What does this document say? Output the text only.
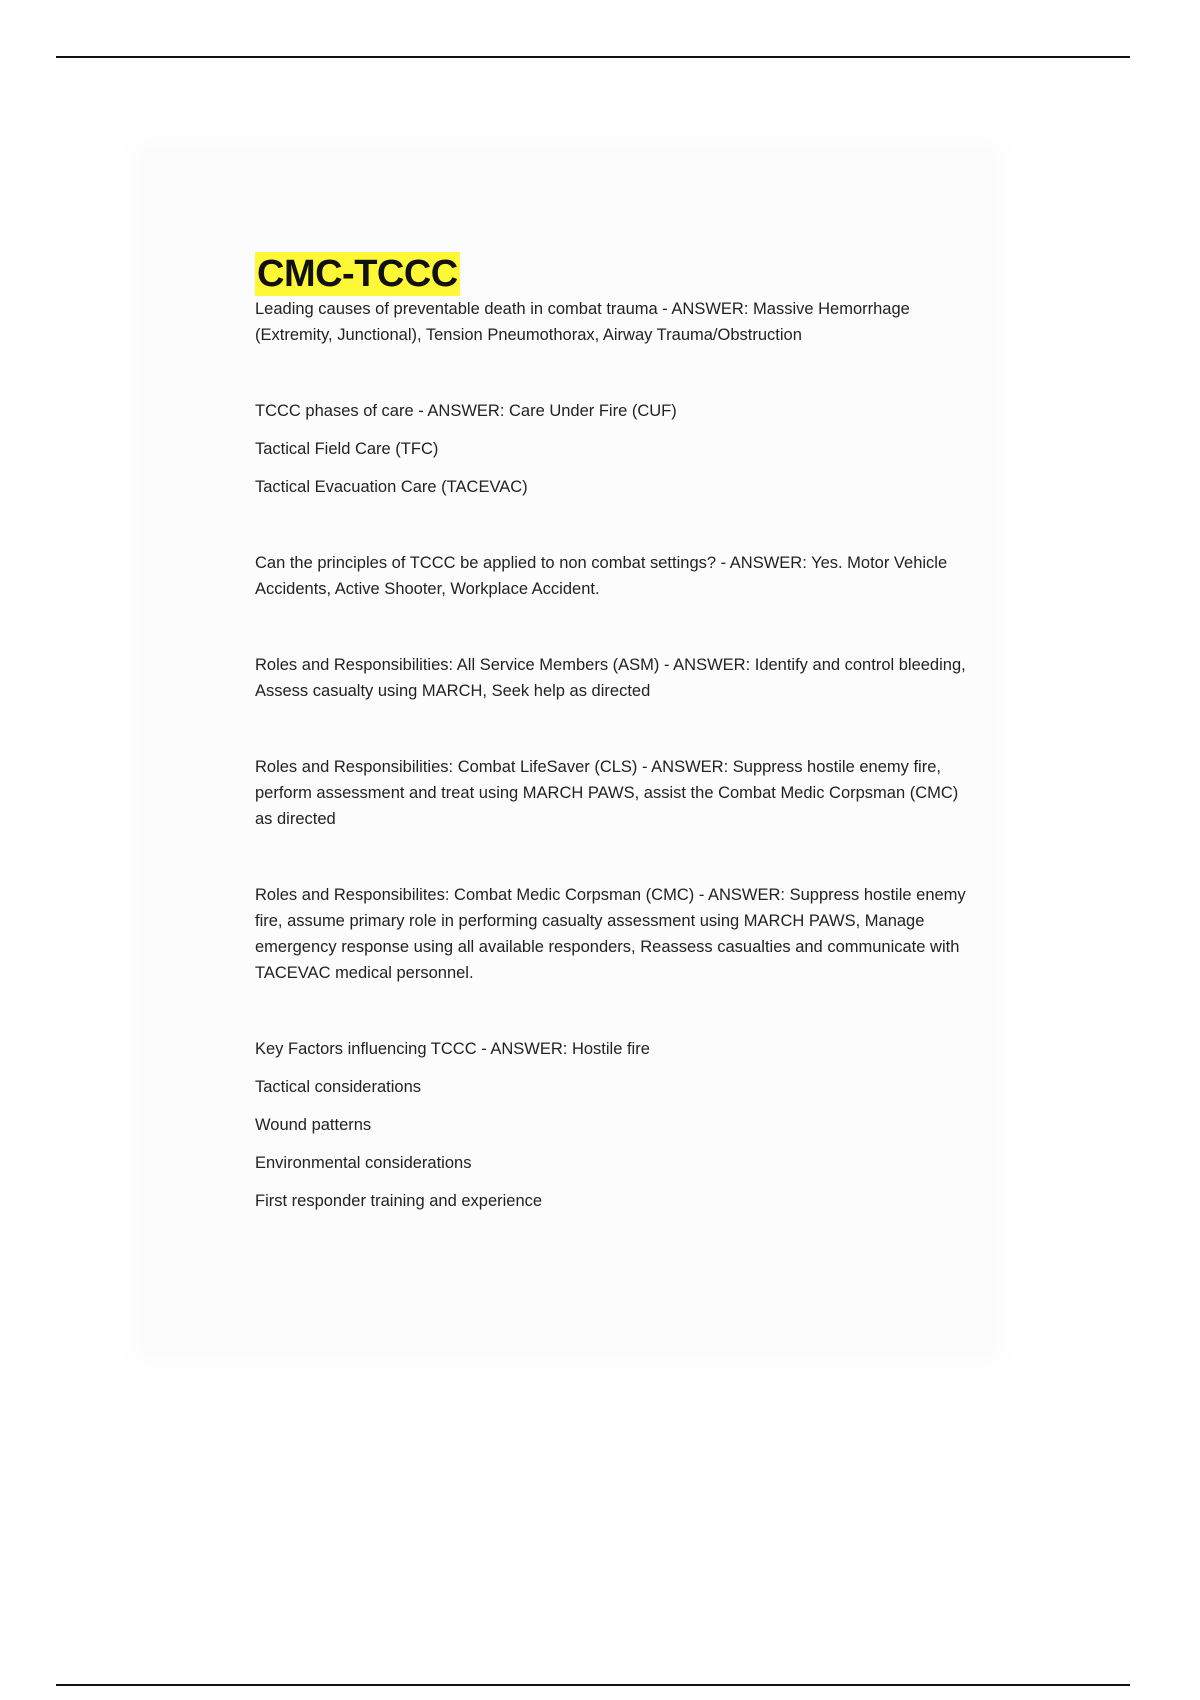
CMC-TCCC

Leading causes of preventable death in combat trauma - ANSWER: Massive Hemorrhage (Extremity, Junctional), Tension Pneumothorax, Airway Trauma/Obstruction

TCCC phases of care - ANSWER: Care Under Fire (CUF)

Tactical Field Care (TFC)

Tactical Evacuation Care (TACEVAC)

Can the principles of TCCC be applied to non combat settings? - ANSWER: Yes. Motor Vehicle Accidents, Active Shooter, Workplace Accident.

Roles and Responsibilities: All Service Members (ASM) - ANSWER: Identify and control bleeding, Assess casualty using MARCH, Seek help as directed

Roles and Responsibilities: Combat LifeSaver (CLS) - ANSWER: Suppress hostile enemy fire, perform assessment and treat using MARCH PAWS, assist the Combat Medic Corpsman (CMC) as directed

Roles and Responsibilites: Combat Medic Corpsman (CMC) - ANSWER: Suppress hostile enemy fire, assume primary role in performing casualty assessment using MARCH PAWS, Manage emergency response using all available responders, Reassess casualties and communicate with TACEVAC medical personnel.

Key Factors influencing TCCC - ANSWER: Hostile fire

Tactical considerations

Wound patterns

Environmental considerations

First responder training and experience
